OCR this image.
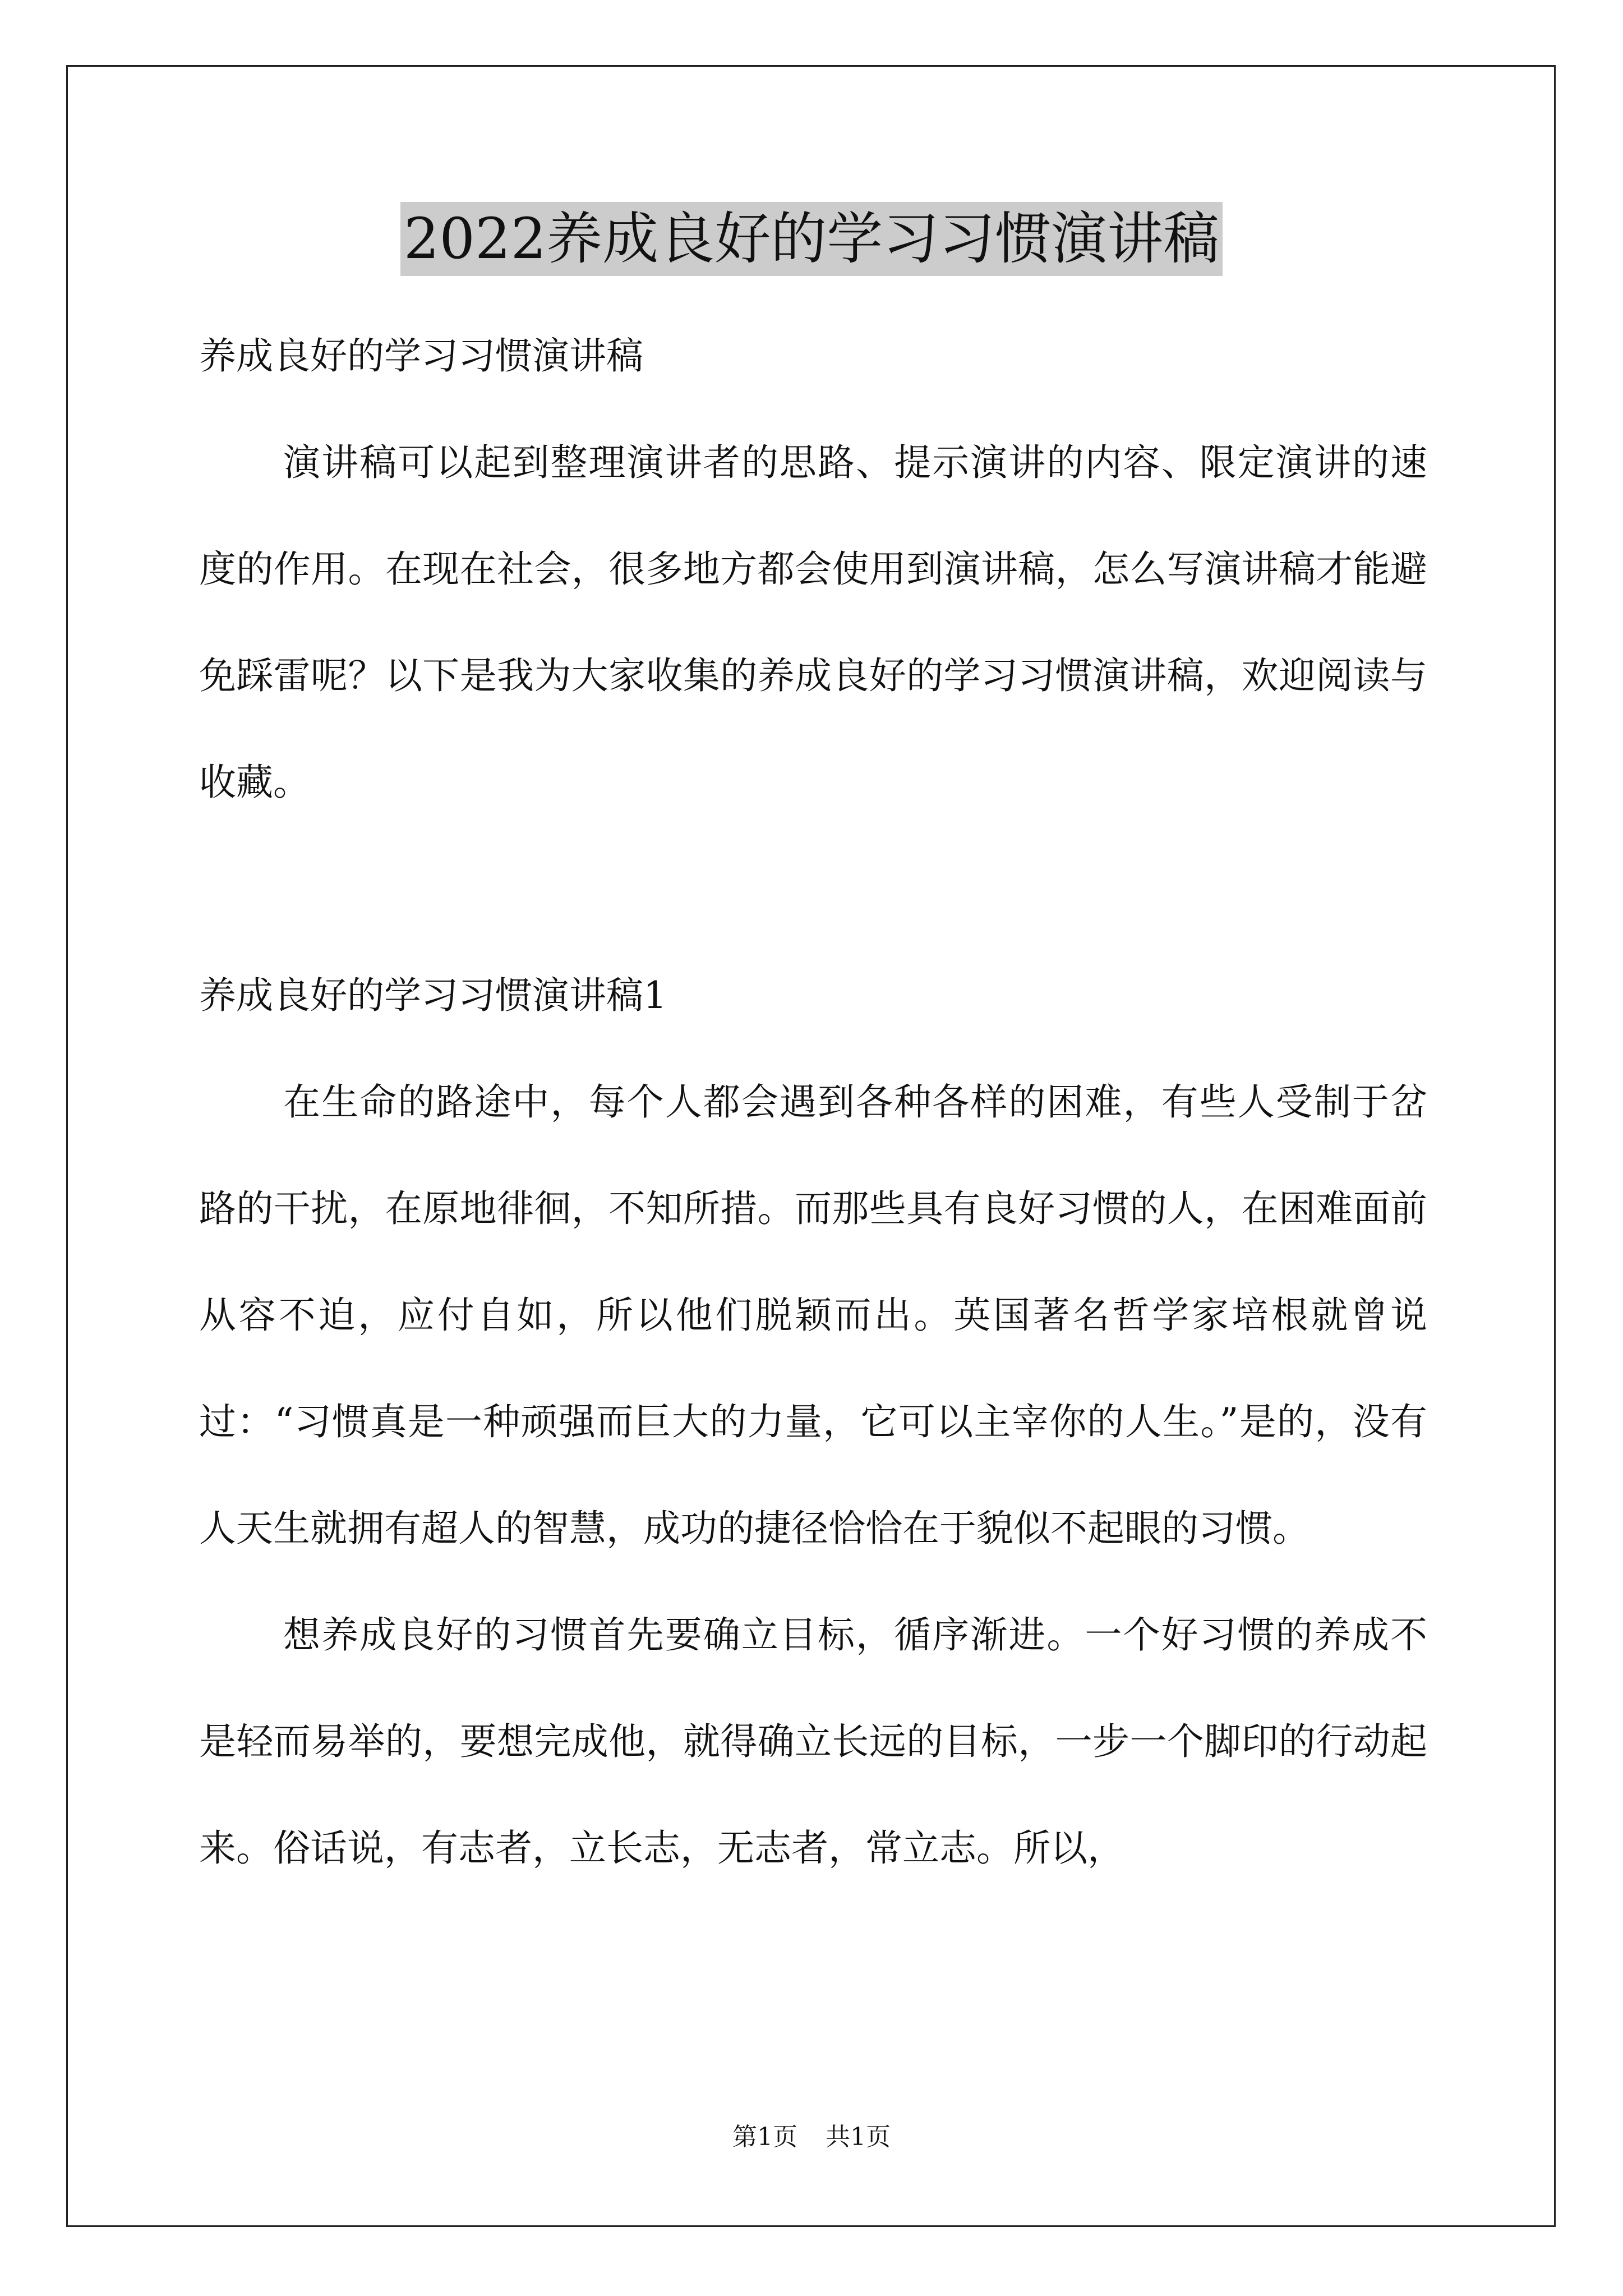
2022养成良好的学习习惯演讲稿

养成良好的学习习惯演讲稿

演讲稿可以起到整理演讲者的思路、提示演讲的内容、限定演讲的速度的作用。在现在社会，很多地方都会使用到演讲稿，怎么写演讲稿才能避免踩雷呢？以下是我为大家收集的养成良好的学习习惯演讲稿，欢迎阅读与收藏。

养成良好的学习习惯演讲稿1

在生命的路途中，每个人都会遇到各种各样的困难，有些人受制于岔路的干扰，在原地徘徊，不知所措。而那些具有良好习惯的人，在困难面前从容不迫，应付自如，所以他们脱颖而出。英国著名哲学家培根就曾说过：“习惯真是一种顽强而巨大的力量，它可以主宰你的人生。”是的，没有人天生就拥有超人的智慧，成功的捷径恰恰在于貌似不起眼的习惯。

想养成良好的习惯首先要确立目标，循序渐进。一个好习惯的养成不是轻而易举的，要想完成他，就得确立长远的目标，一步一个脚印的行动起来。俗话说，有志者，立长志，无志者，常立志。所以，

第1页 共1页
